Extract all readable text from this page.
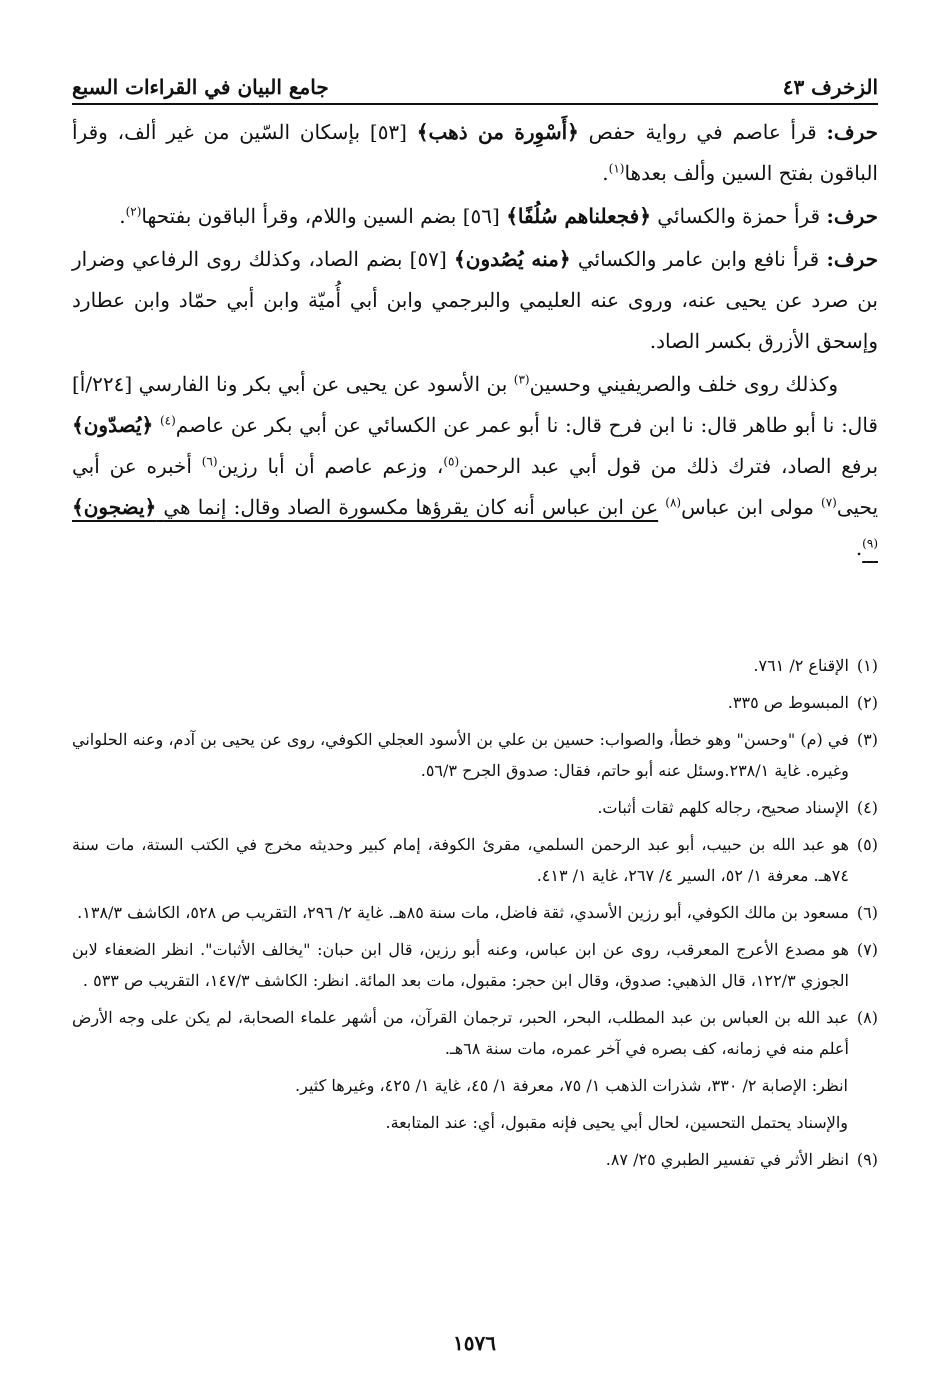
الزخرف ٤٣
جامع البيان في القراءات السبع

حرف: قرأ عاصم في رواية حفص ﴿أَسْوِرة من ذهب﴾ [٥٣] بإسكان السّين من غير ألف، وقرأ الباقون بفتح السين وألف بعدها$^{(١)}$.

حرف: قرأ حمزة والكسائي ﴿فجعلناهم سُلُفًا﴾ [٥٦] بضم السين واللام، وقرأ الباقون بفتحها$^{(٢)}$.

حرف: قرأ نافع وابن عامر والكسائي ﴿منه يُصُدون﴾ [٥٧] بضم الصاد، وكذلك روى الرفاعي وضرار بن صرد عن يحيى عنه، وروى عنه العليمي والبرجمي وابن أبي أُميّة وابن أبي حمّاد وابن عطارد وإسحق الأزرق بكسر الصاد.

وكذلك روى خلف والصريفيني وحسين$^{(٣)}$ بن الأسود عن يحيى عن أبي بكر ونا الفارسي [٢٢٤/أ] قال: نا أبو طاهر قال: نا ابن فرح قال: نا أبو عمر عن الكسائي عن أبي بكر عن عاصم$^{(٤)}$ ﴿يُصدّون﴾ برفع الصاد، فترك ذلك من قول أبي عبد الرحمن$^{(٥)}$، وزعم عاصم أن أبا رزين$^{(٦)}$ أخبره عن أبي يحيى$^{(٧)}$ مولى ابن عباس$^{(٨)}$ عن ابن عباس أنه كان يقرؤها مكسورة الصاد وقال: إنما هي ﴿يضجون﴾$^{(٩)}$.

(١)
الإقناع ٢/ ٧٦١.
(٢)
المبسوط ص ٣٣٥.
(٣)
في (م) "وحسن" وهو خطأ، والصواب: حسين بن علي بن الأسود العجلي الكوفي، روى عن يحيى بن آدم، وعنه الحلواني وغيره. غاية ٢٣٨/١.وسئل عنه أبو حاتم، فقال: صدوق الجرح ٥٦/٣.
(٤)
الإسناد صحيح، رجاله كلهم ثقات أثبات.
(٥)
هو عبد الله بن حبيب، أبو عبد الرحمن السلمي، مقرئ الكوفة، إمام كبير وحديثه مخرج في الكتب الستة، مات سنة ٧٤هـ. معرفة ١/ ٥٢، السير ٤/ ٢٦٧، غاية ١/ ٤١٣.
(٦)
مسعود بن مالك الكوفي، أبو رزين الأسدي، ثقة فاضل، مات سنة ٨٥هـ. غاية ٢/ ٢٩٦، التقريب ص ٥٢٨، الكاشف ١٣٨/٣.
(٧)
هو مصدع الأعرج المعرقب، روى عن ابن عباس، وعنه أبو رزين، قال ابن حبان: "يخالف الأثبات". انظر الضعفاء لابن الجوزي ١٢٢/٣، قال الذهبي: صدوق، وقال ابن حجر: مقبول، مات بعد المائة. انظر: الكاشف ١٤٧/٣، التقريب ص ٥٣٣ .
(٨)
عبد الله بن العباس بن عبد المطلب، البحر، الحبر، ترجمان القرآن، من أشهر علماء الصحابة، لم يكن على وجه الأرض أعلم منه في زمانه، كف بصره في آخر عمره، مات سنة ٦٨هـ.
انظر: الإصابة ٢/ ٣٣٠، شذرات الذهب ١/ ٧٥، معرفة ١/ ٤٥، غاية ١/ ٤٢٥، وغيرها كثير.
والإسناد يحتمل التحسين، لحال أبي يحيى فإنه مقبول، أي: عند المتابعة.
(٩)
انظر الأثر في تفسير الطبري ٢٥/ ٨٧.
١٥٧٦
